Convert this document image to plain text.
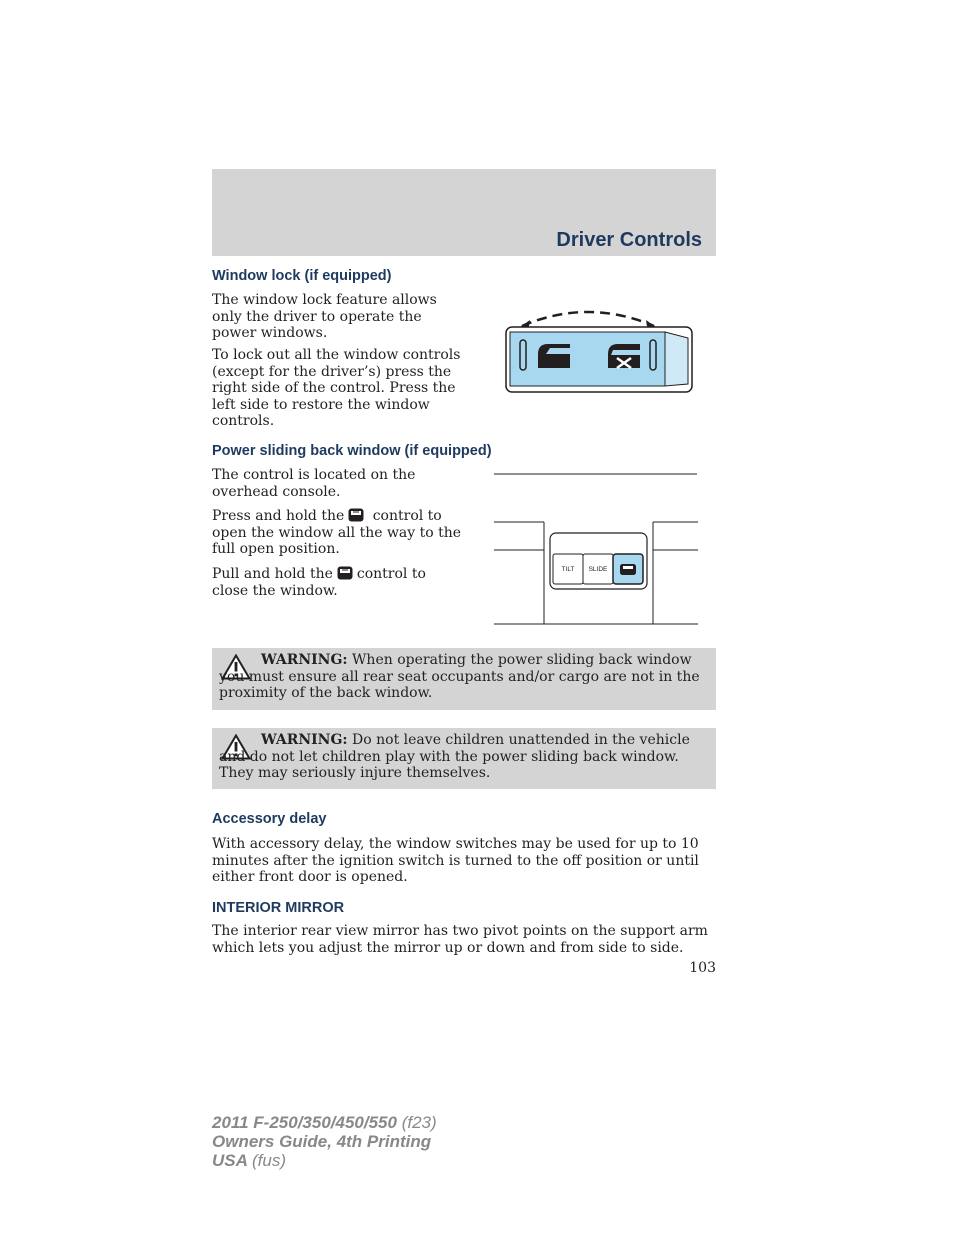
Driver Controls
Window lock (if equipped)

The window lock feature allows only the driver to operate the power windows.

To lock out all the window controls (except for the driver’s) press the right side of the control. Press the left side to restore the window controls.

Power sliding back window (if equipped)

The control is located on the overhead console.

Press and hold the control to open the window all the way to the full open position.

Pull and hold the control to close the window.

TILT SLIDE
WARNING: When operating the power sliding back window you must ensure all rear seat occupants and/or cargo are not in the proximity of the back window.
WARNING: Do not leave children unattended in the vehicle and do not let children play with the power sliding back window. They may seriously injure themselves.
Accessory delay

With accessory delay, the window switches may be used for up to 10 minutes after the ignition switch is turned to the off position or until either front door is opened.

INTERIOR MIRROR

The interior rear view mirror has two pivot points on the support arm which lets you adjust the mirror up or down and from side to side.

103
2011 F-250/350/450/550 (f23)
Owners Guide, 4th Printing
USA (fus)
